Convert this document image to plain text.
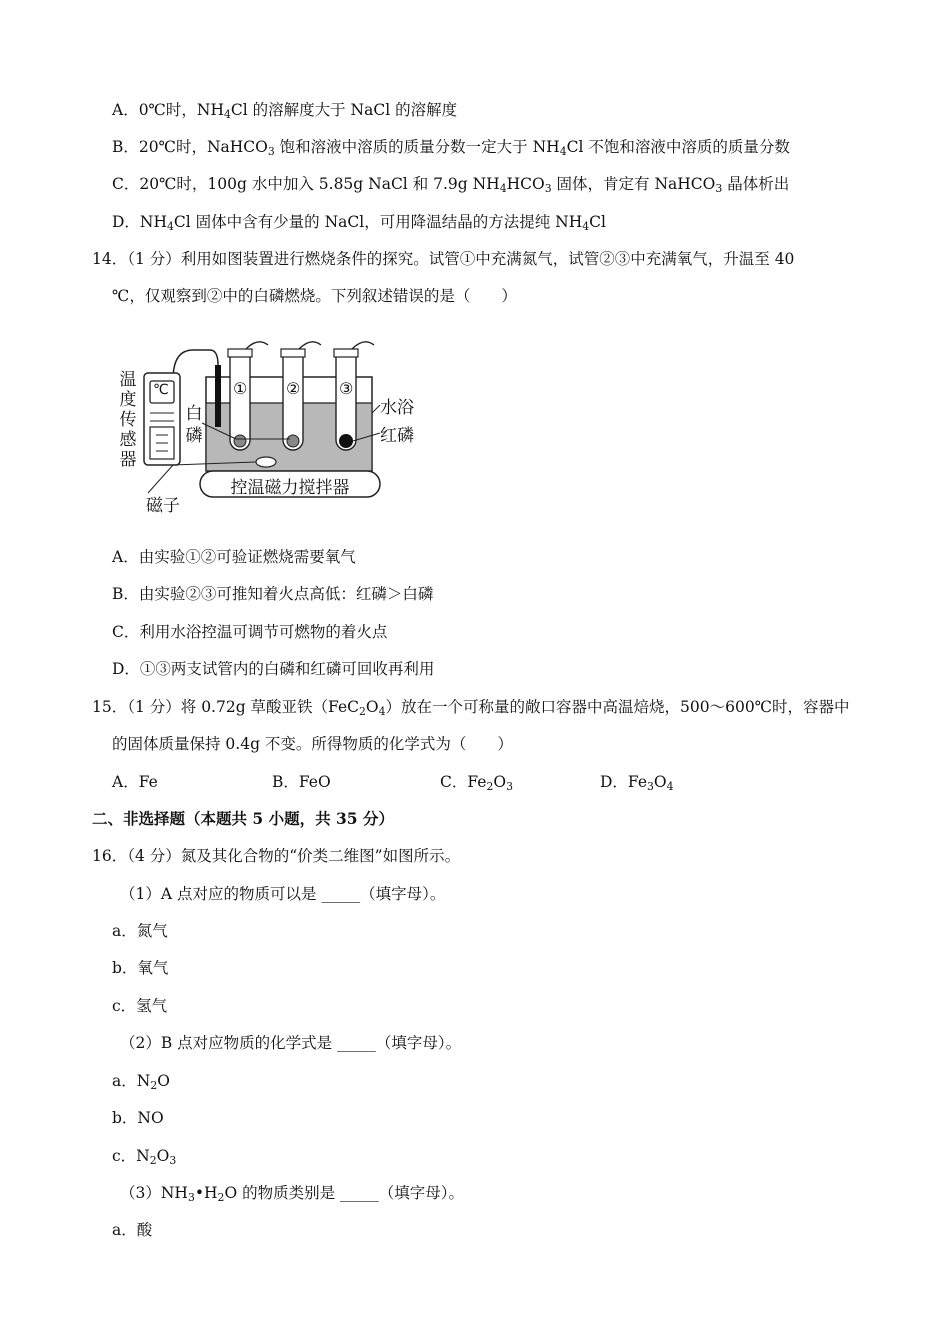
A．0℃时，$NH_4Cl$ 的溶解度大于 NaCl 的溶解度
B．20℃时，NaHCO$_3$ 饱和溶液中溶质的质量分数一定大于 $NH_4Cl$ 不饱和溶液中溶质的质量分数
C．20℃时，100g 水中加入 5.85g NaCl 和 7.9g $NH_4HCO_3$ 固体，肯定有 NaHCO$_3$ 晶体析出
D．$NH_4Cl$ 固体中含有少量的 NaCl，可用降温结晶的方法提纯 $NH_4Cl$
14．（1 分）利用如图装置进行燃烧条件的探究。试管①中充满氮气，试管②③中充满氧气，升温至 40
℃，仅观察到②中的白磷燃烧。下列叙述错误的是（　　）
温
度
传
感
器
℃
白
磷
① ② ③
水浴
红磷
控温磁力搅拌器
磁子
A．由实验①②可验证燃烧需要氧气
B．由实验②③可推知着火点高低：红磷＞白磷
C．利用水浴控温可调节可燃物的着火点
D．①③两支试管内的白磷和红磷可回收再利用
15．（1 分）将 0.72g 草酸亚铁$(FeC_2O_4)$放在一个可称量的敞口容器中高温焙烧，500～600℃时，容器中
的固体质量保持 0.4g 不变。所得物质的化学式为（　　）
A．Fe	B．FeO	C．$Fe_2O_3$	D．$Fe_3O_4$
二、非选择题（本题共 5 小题，共 35 分）
16．（4 分）氮及其化合物的“价类二维图”如图所示。
（1）A 点对应的物质可以是 _____（填字母）。
a．氮气
b．氧气
c．氢气
（2）B 点对应物质的化学式是 _____（填字母）。
a．$N_2O$
b．NO
c．$N_2O_3$
$(3)NH_3•H_2O$ 的物质类别是 _____（填字母）。
a．酸
